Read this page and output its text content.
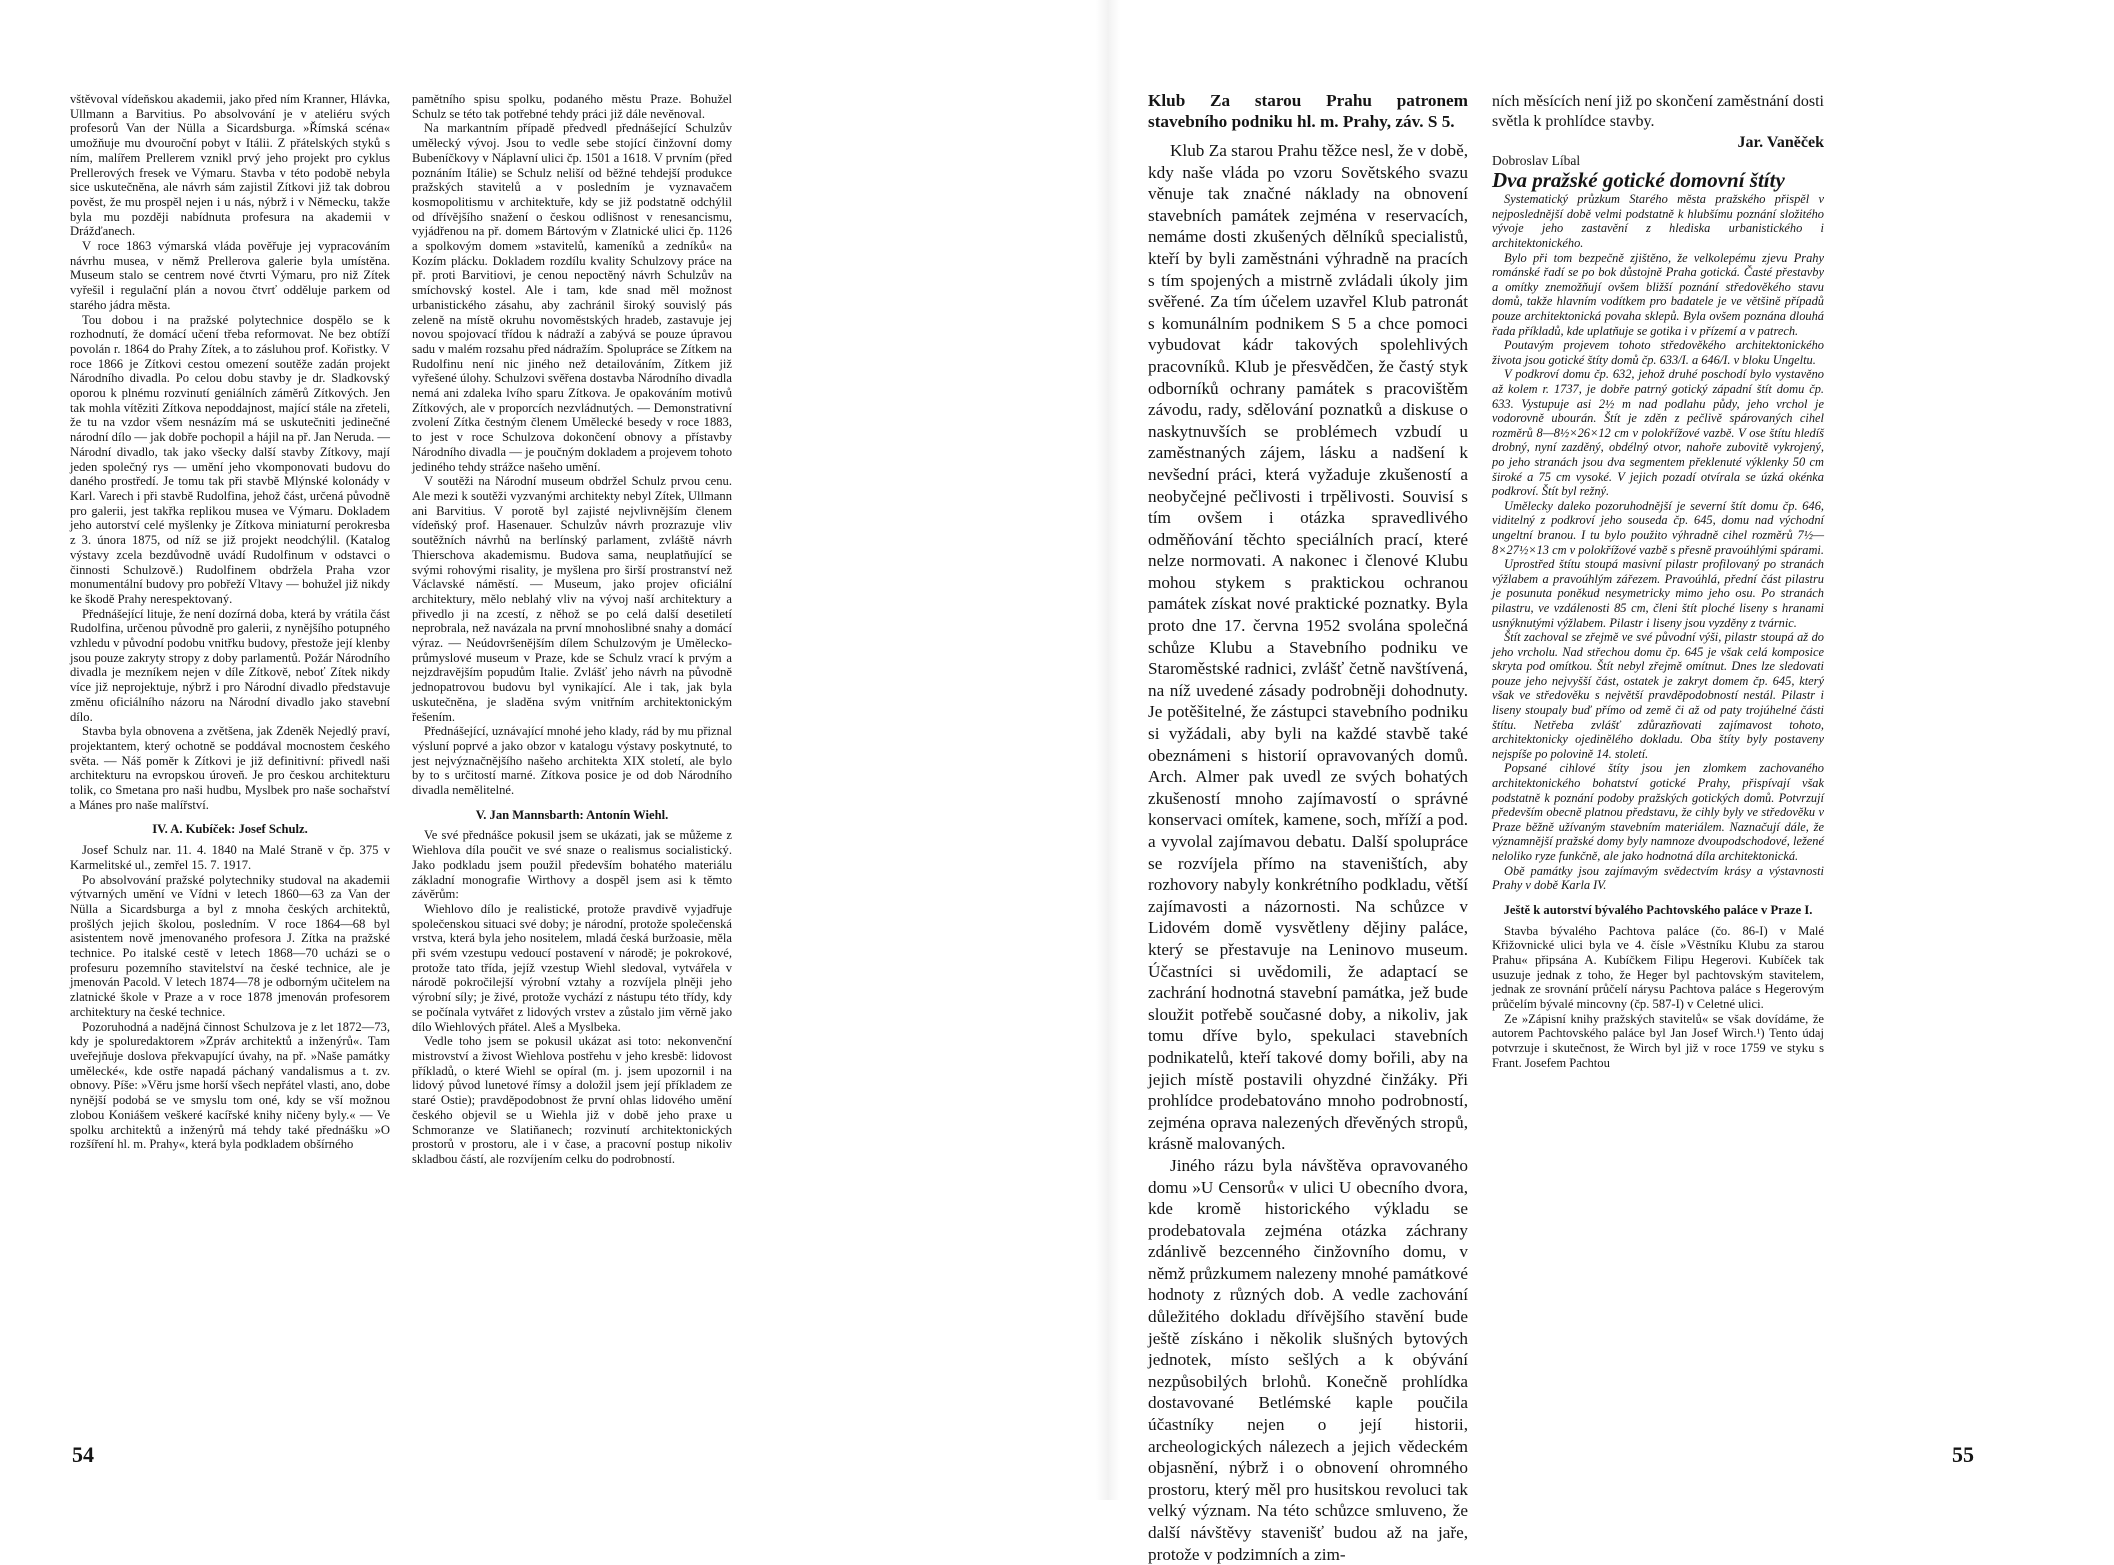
vštěvoval vídeňskou akademii, jako před ním Kranner, Hlávka, Ullmann a Barvitius. Po absolvování je v ateliéru svých profesorů Van der Nülla a Sicardsburga. »Římská scéna« umožňuje mu dvouroční pobyt v Itálii. Z přátelských styků s ním, malířem Prellerem vznikl prvý jeho projekt pro cyklus Prellerových fresek ve Výmaru. Stavba v této podobě nebyla sice uskutečněna, ale návrh sám zajistil Zítkovi již tak dobrou pověst, že mu prospěl nejen i u nás, nýbrž i v Německu, takže byla mu později nabídnuta profesura na akademii v Drážďanech.

V roce 1863 výmarská vláda pověřuje jej vypracováním návrhu musea, v němž Prellerova galerie byla umístěna. Museum stalo se centrem nové čtvrti Výmaru, pro niž Zítek vyřešil i regulační plán a novou čtvrť odděluje parkem od starého jádra města.

Tou dobou i na pražské polytechnice dospělo se k rozhodnutí, že domácí učení třeba reformovat. Ne bez obtíží povolán r. 1864 do Prahy Zítek, a to zásluhou prof. Kořistky. V roce 1866 je Zítkovi cestou omezení soutěže zadán projekt Národního divadla. Po celou dobu stavby je dr. Sladkovský oporou k plnému rozvinutí geniálních záměrů Zítkových. Jen tak mohla vítěziti Zítkova nepoddajnost, mající stále na zřeteli, že tu na vzdor všem nesnázím má se uskutečniti jedinečné národní dílo — jak dobře pochopil a hájil na př. Jan Neruda. — Národní divadlo, tak jako všecky další stavby Zítkovy, mají jeden společný rys — umění jeho vkomponovati budovu do daného prostředí. Je tomu tak při stavbě Mlýnské kolonády v Karl. Varech i při stavbě Rudolfina, jehož část, určená původně pro galerii, jest takřka replikou musea ve Výmaru. Dokladem jeho autorství celé myšlenky je Zítkova miniaturní perokresba z 3. února 1875, od níž se již projekt neodchýlil. (Katalog výstavy zcela bezdůvodně uvádí Rudolfinum v odstavci o činnosti Schulzově.) Rudolfinem obdržela Praha vzor monumentální budovy pro pobřeží Vltavy — bohužel již nikdy ke škodě Prahy nerespektovaný.

Přednášející lituje, že není dozírná doba, která by vrátila část Rudolfina, určenou původně pro galerii, z nynějšího potupného vzhledu v původní podobu vnitřku budovy, přestože její klenby jsou pouze zakryty stropy z doby parlamentů. Požár Národního divadla je mezníkem nejen v díle Zítkově, neboť Zítek nikdy více již neprojektuje, nýbrž i pro Národní divadlo představuje změnu oficiálního názoru na Národní divadlo jako stavební dílo.

Stavba byla obnovena a zvětšena, jak Zdeněk Nejedlý praví, projektantem, který ochotně se poddával mocnostem českého světa. — Náš poměr k Zítkovi je již definitivní: přivedl naši architekturu na evropskou úroveň. Je pro českou architekturu tolik, co Smetana pro naši hudbu, Myslbek pro naše sochařství a Mánes pro naše malířství.

IV. A. Kubíček: Josef Schulz.

Josef Schulz nar. 11. 4. 1840 na Malé Straně v čp. 375 v Karmelitské ul., zemřel 15. 7. 1917.

Po absolvování pražské polytechniky studoval na akademii výtvarných umění ve Vídni v letech 1860—63 za Van der Nülla a Sicardsburga a byl z mnoha českých architektů, prošlých jejich školou, posledním. V roce 1864—68 byl asistentem nově jmenovaného profesora J. Zítka na pražské technice. Po italské cestě v letech 1868—70 ucházi se o profesuru pozemního stavitelství na české technice, ale je jmenován Pacold. V letech 1874—78 je odborným učitelem na zlatnické škole v Praze a v roce 1878 jmenován profesorem architektury na české technice.

Pozoruhodná a nadějná činnost Schulzova je z let 1872—73, kdy je spoluredaktorem »Zpráv architektů a inženýrů«. Tam uveřejňuje doslova překvapující úvahy, na př. »Naše památky umělecké«, kde ostře napadá páchaný vandalismus a t. zv. obnovy. Píše: »Věru jsme horší všech nepřátel vlasti, ano, dobe nynější podobá se ve smyslu tom oné, kdy se vší možnou zlobou Koniášem veškeré kacířské knihy ničeny byly.« — Ve spolku architektů a inženýrů má tehdy také přednášku »O rozšíření hl. m. Prahy«, která byla podkladem obšírného

pamětního spisu spolku, podaného městu Praze. Bohužel Schulz se této tak potřebné tehdy práci již dále nevěnoval.

Na markantním případě předvedl přednášející Schulzův umělecký vývoj. Jsou to vedle sebe stojící činžovní domy Bubeníčkovy v Náplavní ulici čp. 1501 a 1618. V prvním (před poznáním Itálie) se Schulz neliší od běžné tehdejší produkce pražských stavitelů a v posledním je vyznavačem kosmopolitismu v architektuře, kdy se již podstatně odchýlil od dřívějšího snažení o českou odlišnost v renesancismu, vyjádřenou na př. domem Bártovým v Zlatnické ulici čp. 1126 a spolkovým domem »stavitelů, kameníků a zedníků« na Kozím plácku. Dokladem rozdílu kvality Schulzovy práce na př. proti Barvitiovi, je cenou nepoctěný návrh Schulzův na smíchovský kostel. Ale i tam, kde snad měl možnost urbanistického zásahu, aby zachránil široký souvislý pás zeleně na místě okruhu novoměstských hradeb, zastavuje jej novou spojovací třídou k nádraží a zabývá se pouze úpravou sadu v malém rozsahu před nádražím. Spolupráce se Zítkem na Rudolfinu není nic jiného než detailováním, Zítkem již vyřešené úlohy. Schulzovi svěřena dostavba Národního divadla nemá ani zdaleka lvího sparu Zítkova. Je opakováním motivů Zítkových, ale v proporcích nezvládnutých. — Demonstrativní zvolení Zítka čestným členem Umělecké besedy v roce 1883, to jest v roce Schulzova dokončení obnovy a přístavby Národního divadla — je poučným dokladem a projevem tohoto jediného tehdy strážce našeho umění.

V soutěži na Národní museum obdržel Schulz prvou cenu. Ale mezi k soutěži vyzvanými architekty nebyl Zítek, Ullmann ani Barvitius. V porotě byl zajisté nejvlivnějším členem vídeňský prof. Hasenauer. Schulzův návrh prozrazuje vliv soutěžních návrhů na berlínský parlament, zvláště návrh Thierschova akademismu. Budova sama, neuplatňující se svými rohovými risality, je myšlena pro širší prostranství než Václavské náměstí. — Museum, jako projev oficiální architektury, mělo neblahý vliv na vývoj naší architektury a přivedlo ji na zcestí, z něhož se po celá další desetiletí neprobrala, než navázala na první mnohoslibné snahy a domácí výraz. — Neúdovršenějším dílem Schulzovým je Umělecko-průmyslové museum v Praze, kde se Schulz vrací k prvým a nejzdravějším popudům Italie. Zvlášť jeho návrh na původně jednopatrovou budovu byl vynikající. Ale i tak, jak byla uskutečněna, je sladěna svým vnitřním architektonickým řešením.

Přednášející, uznávající mnohé jeho klady, rád by mu přiznal výsluní poprvé a jako obzor v katalogu výstavy poskytnuté, to jest nejvýznačnějšího našeho architekta XIX století, ale bylo by to s určitostí marné. Zítkova posice je od dob Národního divadla nemělitelné.

V. Jan Mannsbarth: Antonín Wiehl.

Ve své přednášce pokusil jsem se ukázati, jak se můžeme z Wiehlova díla poučit ve své snaze o realismus socialistický. Jako podkladu jsem použil především bohatého materiálu základní monografie Wirthovy a dospěl jsem asi k těmto závěrům:

Wiehlovo dílo je realistické, protože pravdivě vyjadřuje společenskou situaci své doby; je národní, protože společenská vrstva, která byla jeho nositelem, mladá česká buržoasie, měla při svém vzestupu vedoucí postavení v národě; je pokrokové, protože tato třída, jejíž vzestup Wiehl sledoval, vytvářela v národě pokročilejší výrobní vztahy a rozvíjela plněji jeho výrobní síly; je živé, protože vychází z nástupu této třídy, kdy se počínala vytvářet z lidových vrstev a zůstalo jim věrně jako dílo Wiehlových přátel. Aleš a Myslbeka.

Vedle toho jsem se pokusil ukázat asi toto: nekonvenční mistrovství a živost Wiehlova postřehu v jeho kresbě: lidovost příkladů, o které Wiehl se opíral (m. j. jsem upozornil i na lidový původ lunetové římsy a doložil jsem její příkladem ze staré Ostie); pravděpodobnost že první ohlas lidového umění českého objevil se u Wiehla již v době jeho praxe u Schmoranze ve Slatiňanech; rozvinutí architektonických prostorů v prostoru, ale i v čase, a pracovní postup nikoliv skladbou částí, ale rozvíjením celku do podrobností.

54

Klub Za starou Prahu patronem stavebního podniku hl. m. Prahy, záv. S 5.

Klub Za starou Prahu těžce nesl, že v době, kdy naše vláda po vzoru Sovětského svazu věnuje tak značné náklady na obnovení stavebních památek zejména v reservacích, nemáme dosti zkušených dělníků specialistů, kteří by byli zaměstnáni výhradně na pracích s tím spojených a mistrně zvládali úkoly jim svěřené. Za tím účelem uzavřel Klub patronát s komunálním podnikem S 5 a chce pomoci vybudovat kádr takových spolehlivých pracovníků. Klub je přesvědčen, že častý styk odborníků ochrany památek s pracovištěm závodu, rady, sdělování poznatků a diskuse o naskytnuvších se problémech vzbudí u zaměstnaných zájem, lásku a nadšení k nevšední práci, která vyžaduje zkušeností a neobyčejné pečlivosti i trpělivosti. Souvisí s tím ovšem i otázka spravedlivého odměňování těchto speciálních prací, které nelze normovati. A nakonec i členové Klubu mohou stykem s praktickou ochranou památek získat nové praktické poznatky. Byla proto dne 17. června 1952 svolána společná schůze Klubu a Stavebního podniku ve Staroměstské radnici, zvlášť četně navštívená, na níž uvedené zásady podrobněji dohodnuty. Je potěšitelné, že zástupci stavebního podniku si vyžádali, aby byli na každé stavbě také obeznámeni s historií opravovaných domů. Arch. Almer pak uvedl ze svých bohatých zkušeností mnoho zajímavostí o správné konservaci omítek, kamene, soch, mříží a pod. a vyvolal zajímavou debatu. Další spolupráce se rozvíjela přímo na staveništích, aby rozhovory nabyly konkrétního podkladu, větší zajímavosti a názornosti. Na schůzce v Lidovém domě vysvětleny dějiny paláce, který se přestavuje na Leninovo museum. Účastníci si uvědomili, že adaptací se zachrání hodnotná stavební památka, jež bude sloužit potřebě současné doby, a nikoliv, jak tomu dříve bylo, spekulaci stavebních podnikatelů, kteří takové domy bořili, aby na jejich místě postavili ohyzdné činžáky. Při prohlídce prodebatováno mnoho podrobností, zejména oprava nalezených dřevěných stropů, krásně malovaných.

Jiného rázu byla návštěva opravovaného domu »U Censorů« v ulici U obecního dvora, kde kromě historického výkladu se prodebatovala zejména otázka záchrany zdánlivě bezcenného činžovního domu, v němž průzkumem nalezeny mnohé památkové hodnoty z různých dob. A vedle zachování důležitého dokladu dřívějšího stavění bude ještě získáno i několik slušných bytových jednotek, místo sešlých a k obývání nezpůsobilých brlohů. Konečně prohlídka dostavované Betlémské kaple poučila účastníky nejen o její historii, archeologických nálezech a jejich vědeckém objasnění, nýbrž i o obnovení ohromného prostoru, který měl pro husitskou revoluci tak velký význam. Na této schůzce smluveno, že další návštěvy stavenišť budou až na jaře, protože v podzimních a zim-

ních měsících není již po skončení zaměstnání dosti světla k prohlídce stavby.

Jar. Vaněček

Dobroslav Líbal

Dva pražské gotické domovní štíty

Systematický průzkum Starého města pražského přispěl v nejposlednější době velmi podstatně k hlubšímu poznání složitého vývoje jeho zastavění z hlediska urbanistického i architektonického.

Bylo při tom bezpečně zjištěno, že velkolepému zjevu Prahy románské řadí se po bok důstojně Praha gotická. Časté přestavby a omítky znemožňují ovšem bližší poznání středověkého stavu domů, takže hlavním vodítkem pro badatele je ve většině případů pouze architektonická povaha sklepů. Byla ovšem poznána dlouhá řada příkladů, kde uplatňuje se gotika i v přízemí a v patrech.

Poutavým projevem tohoto středověkého architektonického života jsou gotické štíty domů čp. 633/I. a 646/I. v bloku Ungeltu.

V podkroví domu čp. 632, jehož druhé poschodí bylo vystavěno až kolem r. 1737, je dobře patrný gotický západní štít domu čp. 633. Vystupuje asi 2½ m nad podlahu půdy, jeho vrchol je vodorovně ubourán. Štít je zděn z pečlivě spárovaných cihel rozměrů 8—8½×26×12 cm v polokřížové vazbě. V ose štítu hledíš drobný, nyní zazděný, obdélný otvor, nahoře zubovitě vykrojený, po jeho stranách jsou dva segmentem překlenuté výklenky 50 cm široké a 75 cm vysoké. V jejich pozadí otvírala se úzká okénka podkroví. Štít byl režný.

Umělecky daleko pozoruhodnější je severní štít domu čp. 646, viditelný z podkroví jeho souseda čp. 645, domu nad východní ungeltní branou. I tu bylo použito výhradně cihel rozměrů 7½—8×27½×13 cm v polokřížové vazbě s přesně pravoúhlými spárami.

Uprostřed štítu stoupá masivní pilastr profilovaný po stranách výžlabem a pravoúhlým zářezem. Pravoúhlá, přední část pilastru je posunuta poněkud nesymetricky mimo jeho osu. Po stranách pilastru, ve vzdálenosti 85 cm, členi štít ploché liseny s hranami usnýknutými výžlabem. Pilastr i liseny jsou vyzděny z tvárnic.

Štít zachoval se zřejmě ve své původní výši, pilastr stoupá až do jeho vrcholu. Nad střechou domu čp. 645 je však celá komposice skryta pod omítkou. Štít nebyl zřejmě omítnut. Dnes lze sledovati pouze jeho nejvyšší část, ostatek je zakryt domem čp. 645, který však ve středověku s největší pravděpodobností nestál. Pilastr i liseny stoupaly buď přímo od země či až od paty trojúhelné části štítu. Netřeba zvlášť zdůrazňovati zajímavost tohoto, architektonicky ojedinělého dokladu. Oba štíty byly postaveny nejspíše po polovině 14. století.

Popsané cihlové štíty jsou jen zlomkem zachovaného architektonického bohatství gotické Prahy, přispívají však podstatně k poznání podoby pražských gotických domů. Potvrzují především obecně platnou představu, že cihly byly ve středověku v Praze běžně užívaným stavebním materiálem. Naznačují dále, že významnější pražské domy byly namnoze dvoupodschodové, ležené neloliko ryze funkčně, ale jako hodnotná díla architektonická.

Obě památky jsou zajímavým svědectvím krásy a výstavnosti Prahy v době Karla IV.

Ještě k autorství bývalého Pachtovského paláce v Praze I.

Stavba bývalého Pachtova paláce (čo. 86-I) v Malé Křižovnické ulici byla ve 4. čísle »Věstníku Klubu za starou Prahu« připsána A. Kubíčkem Filipu Hegerovi. Kubíček tak usuzuje jednak z toho, že Heger byl pachtovským stavitelem, jednak ze srovnání průčelí nárysu Pachtova paláce s Hegerovým průčelím bývalé mincovny (čp. 587-I) v Celetné ulici.

Ze »Zápisní knihy pražských stavitelů« se však dovídáme, že autorem Pachtovského paláce byl Jan Josef Wirch.¹) Tento údaj potvrzuje i skutečnost, že Wirch byl již v roce 1759 ve styku s Frant. Josefem Pachtou

55
